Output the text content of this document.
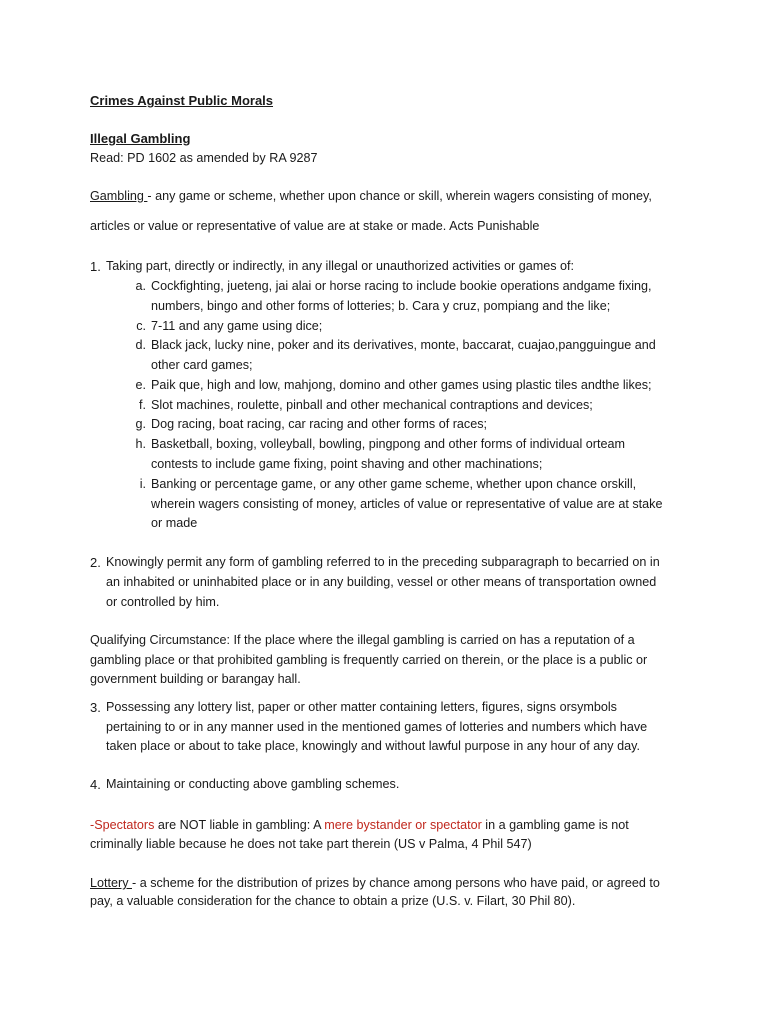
Crimes Against Public Morals
Illegal Gambling
Read: PD 1602 as amended by RA 9287
Gambling - any game or scheme, whether upon chance or skill, wherein wagers consisting of money,
articles or value or representative of value are at stake or made. Acts Punishable
1. Taking part, directly or indirectly, in any illegal or unauthorized activities or games of:
a. Cockfighting, jueteng, jai alai or horse racing to include bookie operations andgame fixing,
numbers, bingo and other forms of lotteries; b. Cara y cruz, pompiang and the like;
c. 7-11 and any game using dice;
d. Black jack, lucky nine, poker and its derivatives, monte, baccarat, cuajao,pangguingue and
other card games;
e. Paik que, high and low, mahjong, domino and other games using plastic tiles andthe likes;
f. Slot machines, roulette, pinball and other mechanical contraptions and devices;
g. Dog racing, boat racing, car racing and other forms of races;
h. Basketball, boxing, volleyball, bowling, pingpong and other forms of individual orteam
contests to include game fixing, point shaving and other machinations;
i. Banking or percentage game, or any other game scheme, whether upon chance orskill,
wherein wagers consisting of money, articles of value or representative of value are at stake
or made
2. Knowingly permit any form of gambling referred to in the preceding subparagraph to becarried on in
an inhabited or uninhabited place or in any building, vessel or other means of transportation owned
or controlled by him.
Qualifying Circumstance: If the place where the illegal gambling is carried on has a reputation of a
gambling place or that prohibited gambling is frequently carried on therein, or the place is a public or
government building or barangay hall.
3. Possessing any lottery list, paper or other matter containing letters, figures, signs orsymbols
pertaining to or in any manner used in the mentioned games of lotteries and numbers which have
taken place or about to take place, knowingly and without lawful purpose in any hour of any day.
4. Maintaining or conducting above gambling schemes.
-Spectators are NOT liable in gambling: A mere bystander or spectator in a gambling game is not
criminally liable because he does not take part therein (US v Palma, 4 Phil 547)
Lottery - a scheme for the distribution of prizes by chance among persons who have paid, or agreed to
pay, a valuable consideration for the chance to obtain a prize (U.S. v. Filart, 30 Phil 80).
